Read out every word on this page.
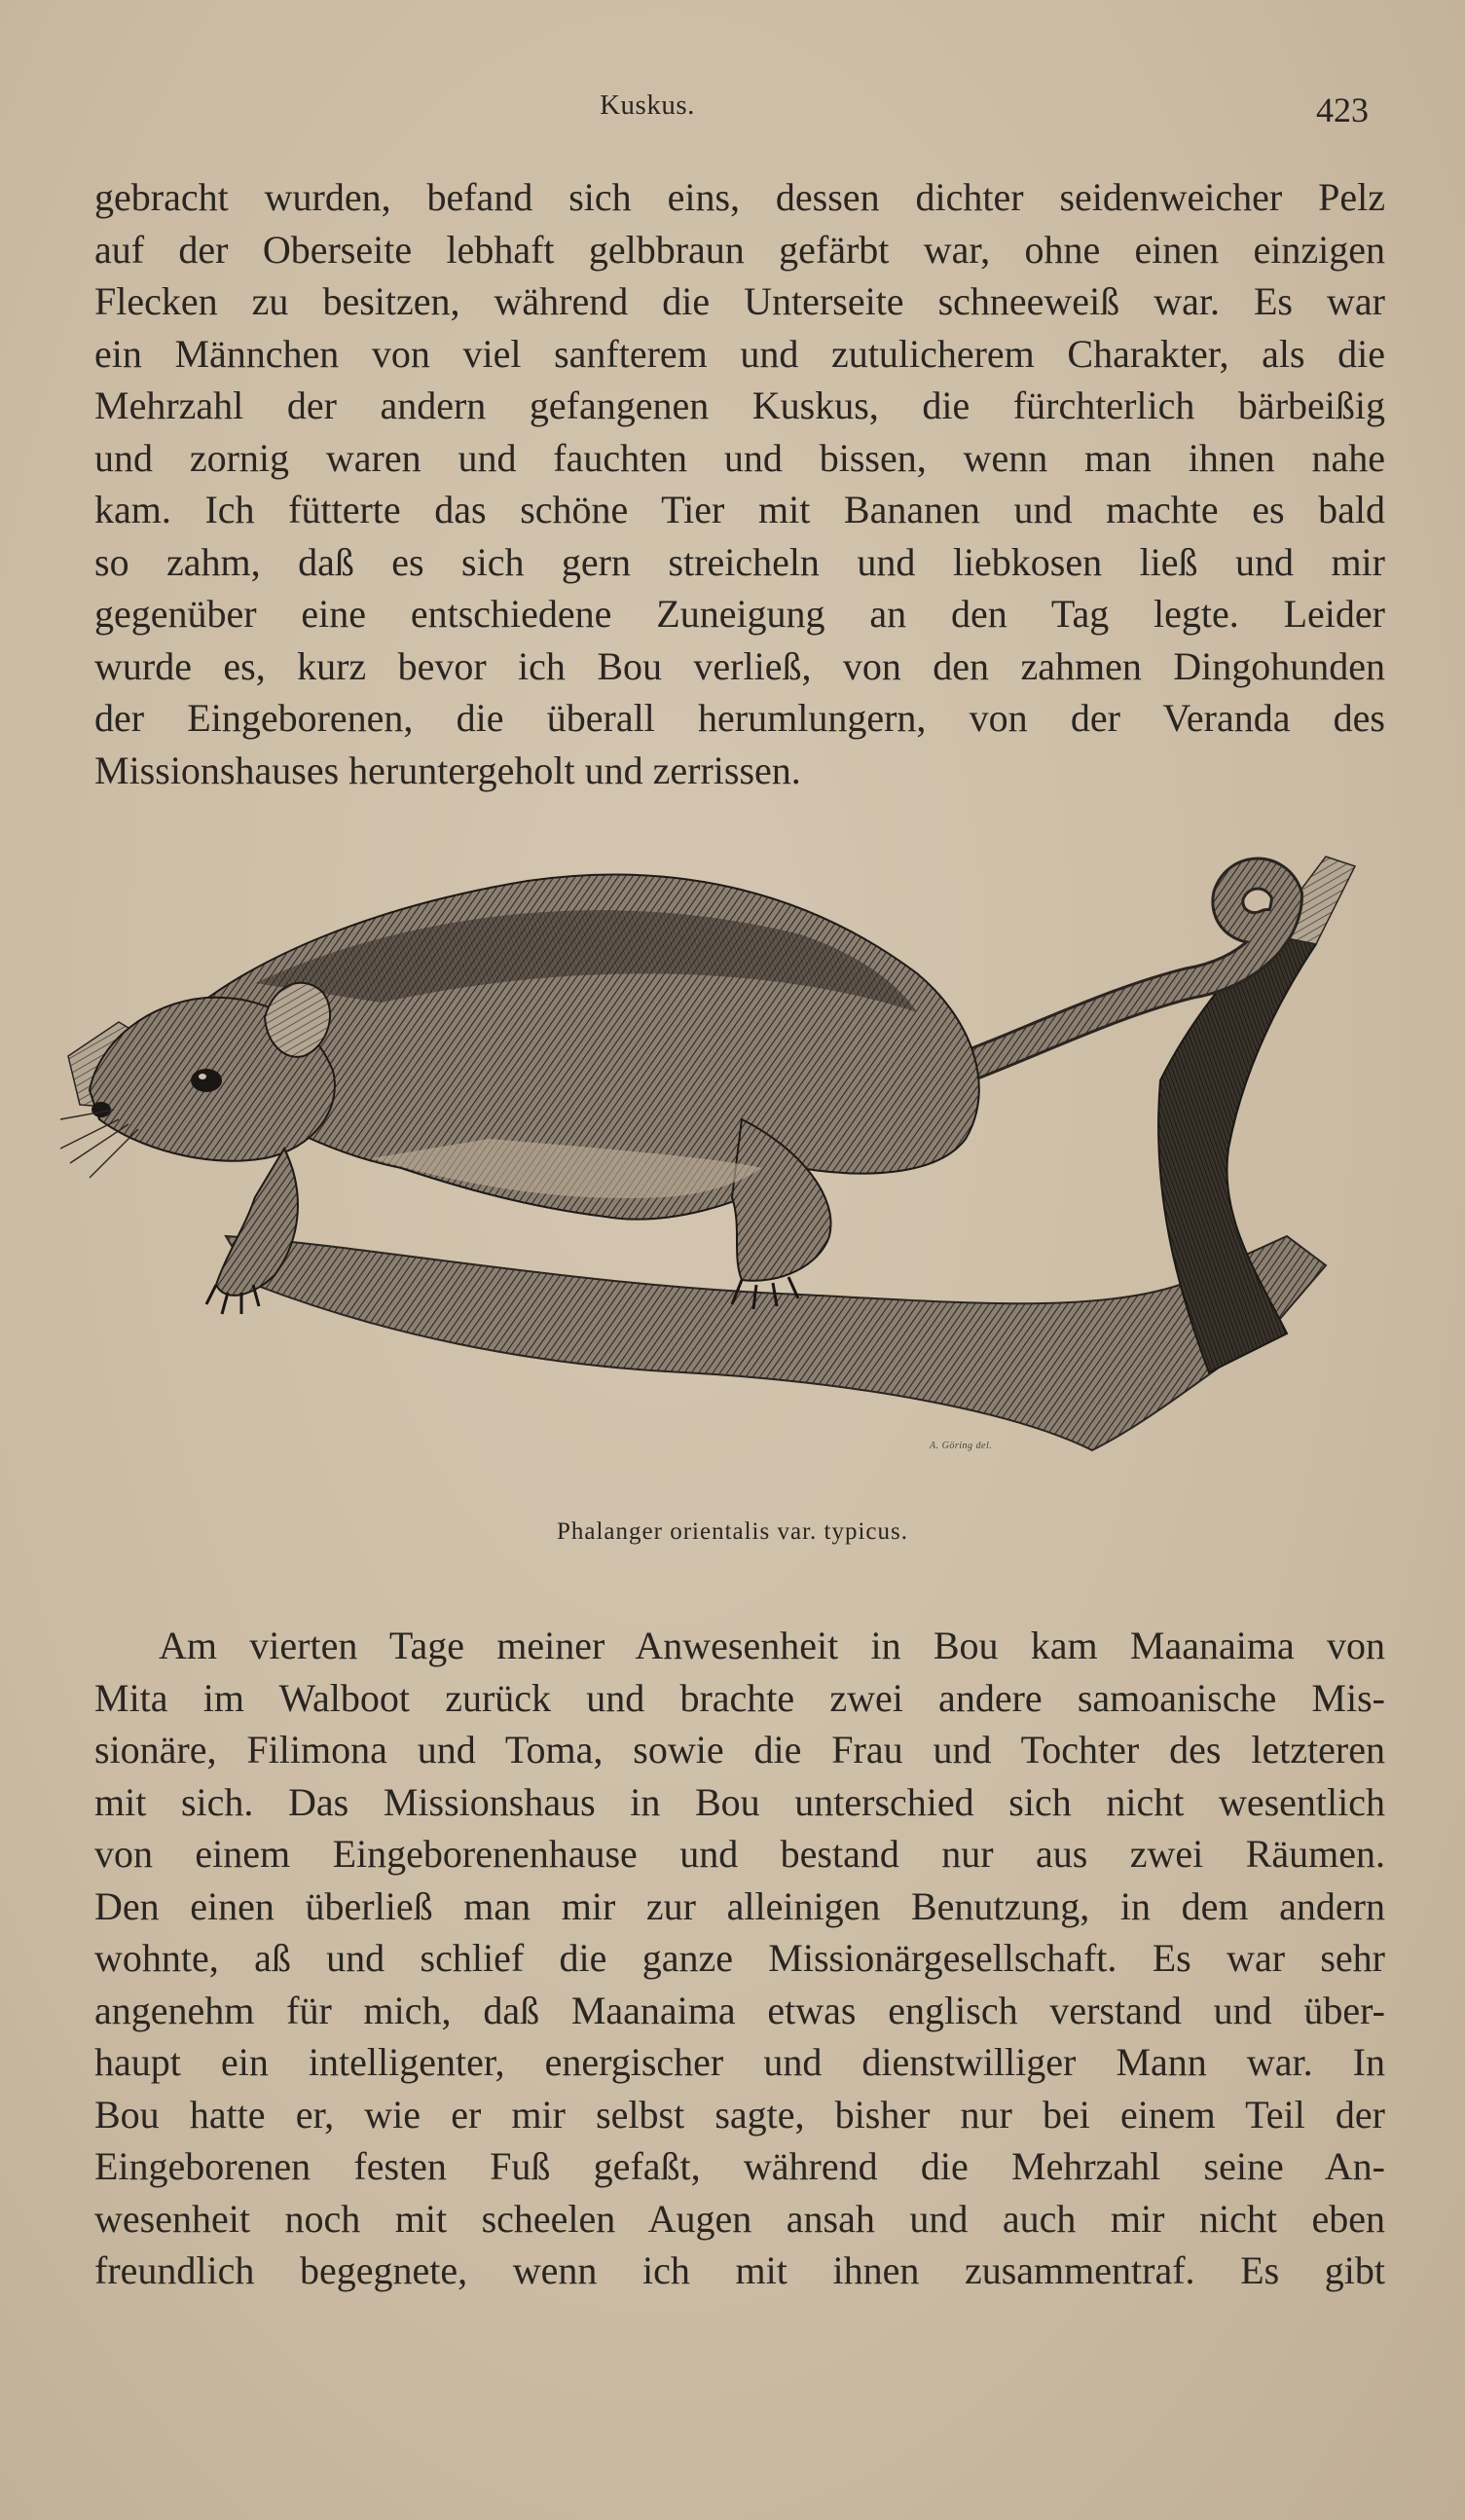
Kuskus.	423
gebracht wurden, befand sich eins, dessen dichter seidenweicher Pelz
auf der Oberseite lebhaft gelbbraun gefärbt war, ohne einen einzigen
Flecken zu besitzen, während die Unterseite schneeweiß war. Es war
ein Männchen von viel sanfterem und zutulicherem Charakter, als die
Mehrzahl der andern gefangenen Kuskus, die fürchterlich bärbeißig
und zornig waren und fauchten und bissen, wenn man ihnen nahe
kam. Ich fütterte das schöne Tier mit Bananen und machte es bald
so zahm, daß es sich gern streicheln und liebkosen ließ und mir
gegenüber eine entschiedene Zuneigung an den Tag legte. Leider
wurde es, kurz bevor ich Bou verließ, von den zahmen Dingohunden
der Eingeborenen, die überall herumlungern, von der Veranda des
Missionshauses heruntergeholt und zerrissen.
A. Göring del.
Phalanger orientalis var. typicus.
Am vierten Tage meiner Anwesenheit in Bou kam Maanaima von
Mita im Walboot zurück und brachte zwei andere samoanische Mis-
sionäre, Filimona und Toma, sowie die Frau und Tochter des letzteren
mit sich. Das Missionshaus in Bou unterschied sich nicht wesentlich
von einem Eingeborenenhause und bestand nur aus zwei Räumen.
Den einen überließ man mir zur alleinigen Benutzung, in dem andern
wohnte, aß und schlief die ganze Missionärgesellschaft. Es war sehr
angenehm für mich, daß Maanaima etwas englisch verstand und über-
haupt ein intelligenter, energischer und dienstwilliger Mann war. In
Bou hatte er, wie er mir selbst sagte, bisher nur bei einem Teil der
Eingeborenen festen Fuß gefaßt, während die Mehrzahl seine An-
wesenheit noch mit scheelen Augen ansah und auch mir nicht eben
freundlich begegnete, wenn ich mit ihnen zusammentraf. Es gibt
